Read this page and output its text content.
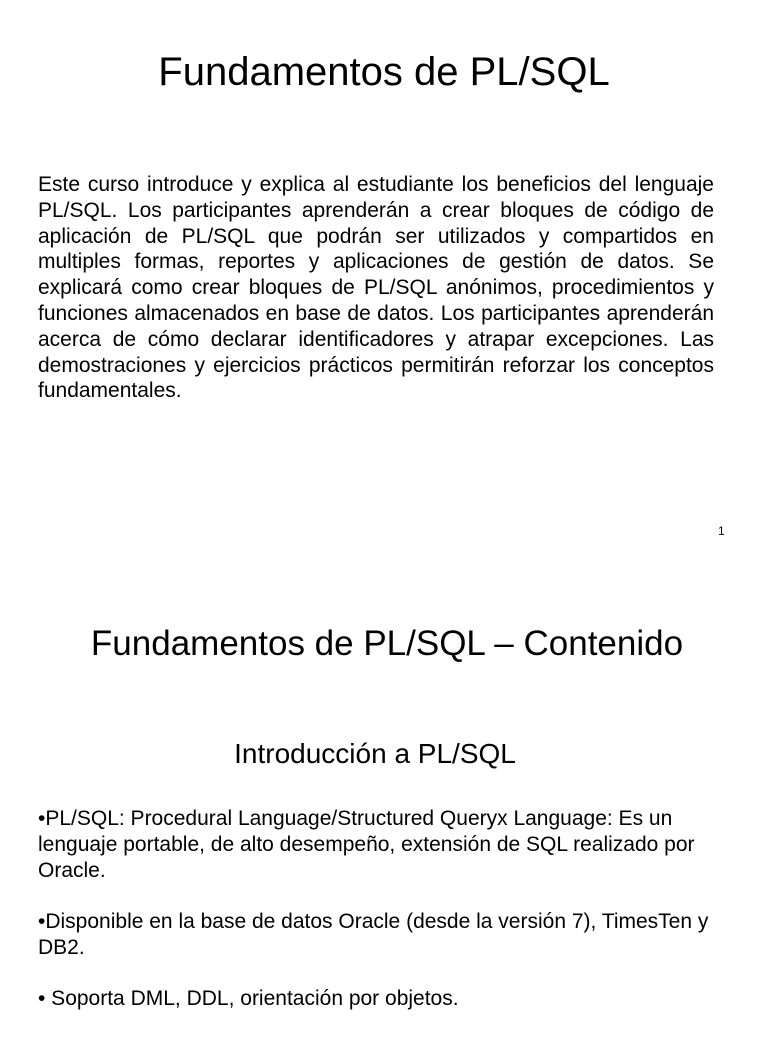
Fundamentos de PL/SQL

Este curso introduce y explica al estudiante los beneficios del lenguaje PL/SQL. Los participantes aprenderán a crear bloques de código de aplicación de PL/SQL que podrán ser utilizados y compartidos en multiples formas, reportes y aplicaciones de gestión de datos. Se explicará como crear bloques de PL/SQL anónimos, procedimientos y funciones almacenados en base de datos. Los participantes aprenderán acerca de cómo declarar identificadores y atrapar excepciones. Las demostraciones y ejercicios prácticos permitirán reforzar los conceptos fundamentales.

1

Fundamentos de PL/SQL – Contenido
Introducción a PL/SQL

•PL/SQL: Procedural Language/Structured Queryx Language: Es un lenguaje portable, de alto desempeño, extensión de SQL realizado por Oracle.

•Disponible en la base de datos Oracle (desde la versión 7), TimesTen y DB2.

• Soporta DML, DDL, orientación por objetos.
